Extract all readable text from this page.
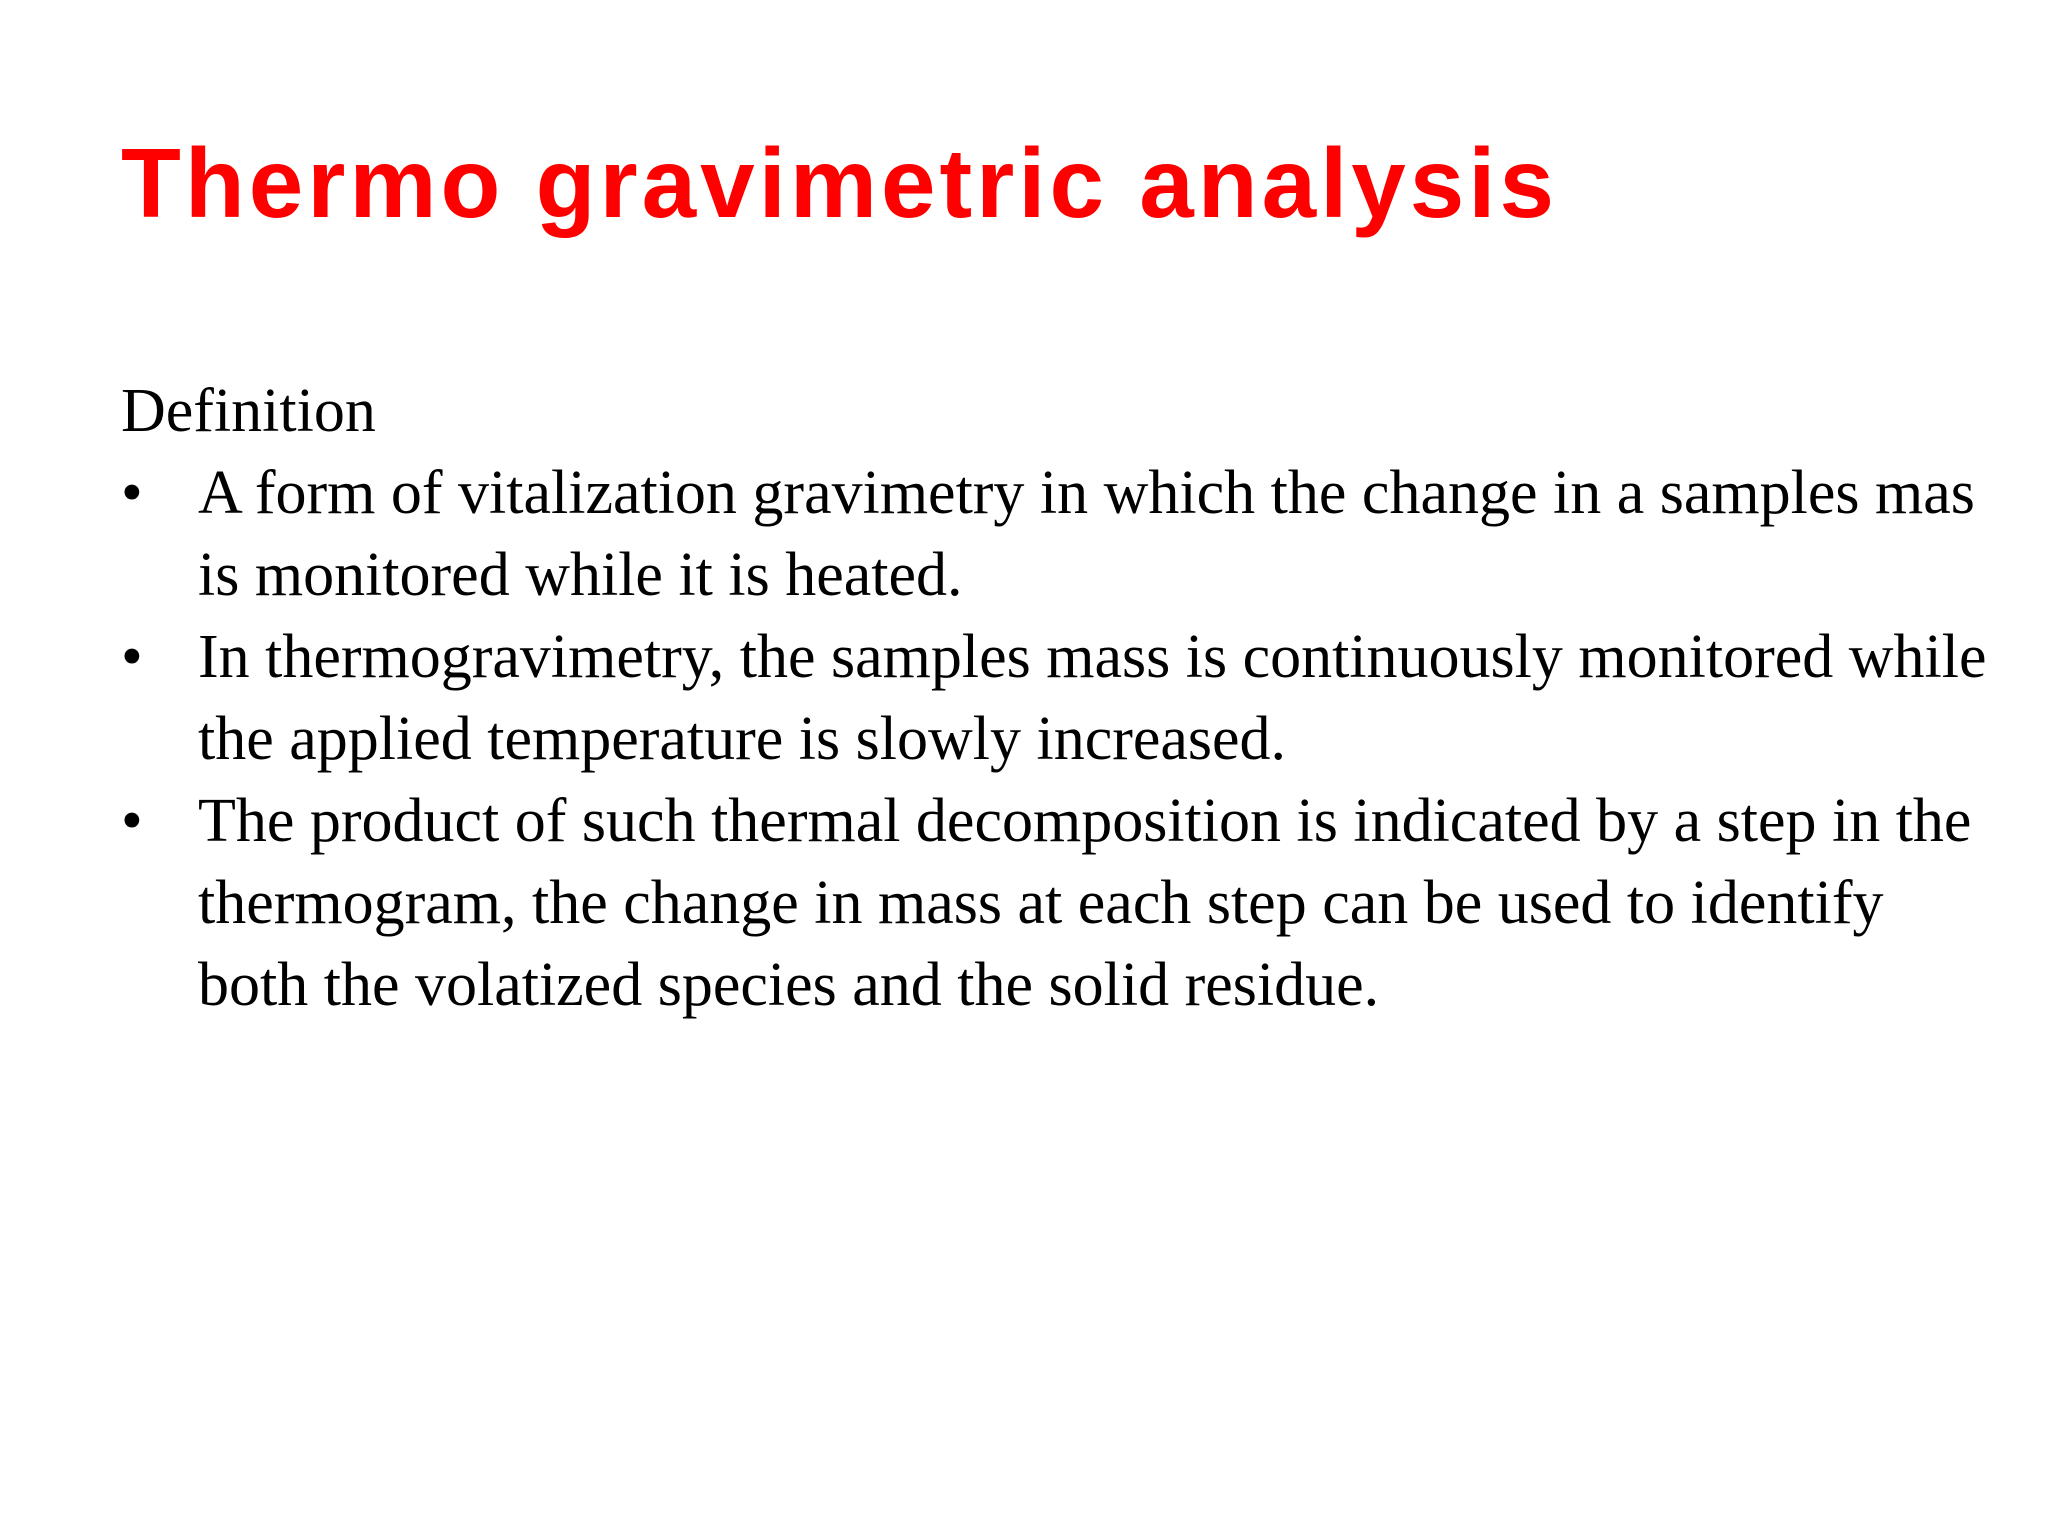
Thermo gravimetric analysis

Definition

• A form of vitalization gravimetry in which the change in a samples mas is monitored while it is heated.
• In thermogravimetry, the samples mass is continuously monitored while the applied temperature is slowly increased.
• The product of such thermal decomposition is indicated by a step in the thermogram, the change in mass at each step can be used to identify both the volatized species and the solid residue.
